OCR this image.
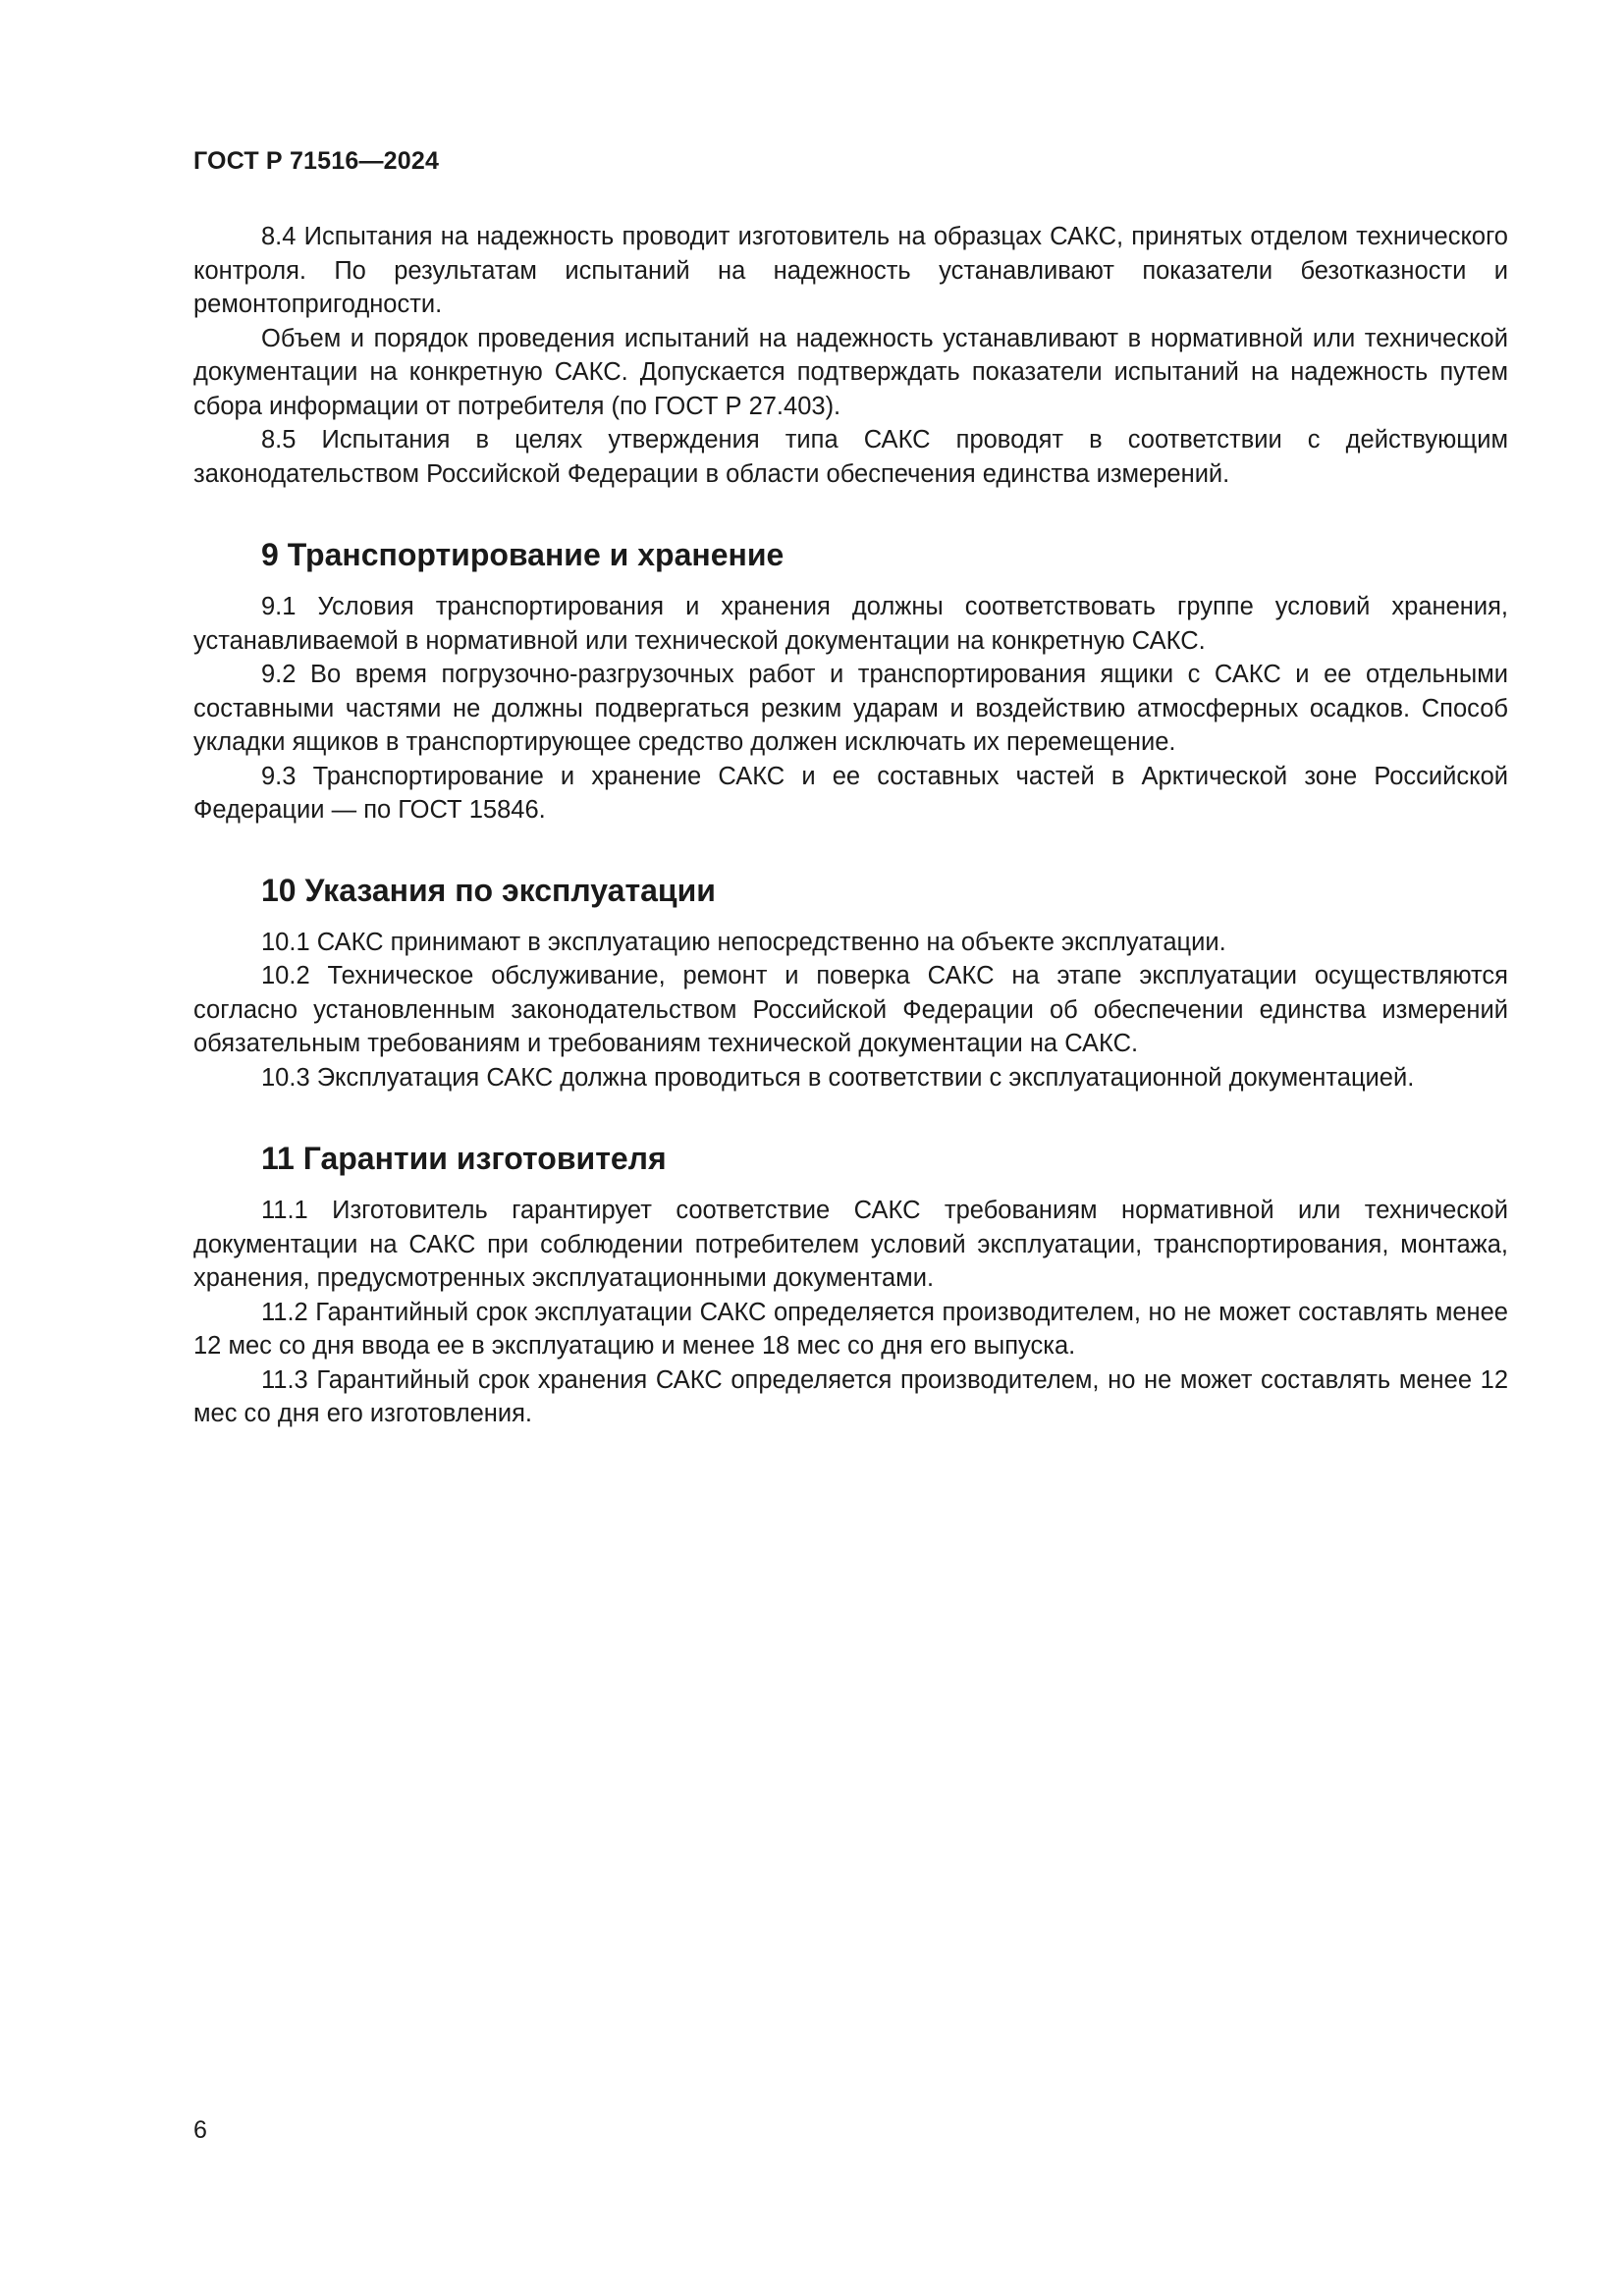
ГОСТ Р 71516—2024

8.4 Испытания на надежность проводит изготовитель на образцах САКС, принятых отделом технического контроля. По результатам испытаний на надежность устанавливают показатели безотказности и ремонтопригодности.

Объем и порядок проведения испытаний на надежность устанавливают в нормативной или технической документации на конкретную САКС. Допускается подтверждать показатели испытаний на надежность путем сбора информации от потребителя (по ГОСТ Р 27.403).

8.5 Испытания в целях утверждения типа САКС проводят в соответствии с действующим законодательством Российской Федерации в области обеспечения единства измерений.

9 Транспортирование и хранение

9.1 Условия транспортирования и хранения должны соответствовать группе условий хранения, устанавливаемой в нормативной или технической документации на конкретную САКС.

9.2 Во время погрузочно-разгрузочных работ и транспортирования ящики с САКС и ее отдельными составными частями не должны подвергаться резким ударам и воздействию атмосферных осадков. Способ укладки ящиков в транспортирующее средство должен исключать их перемещение.

9.3 Транспортирование и хранение САКС и ее составных частей в Арктической зоне Российской Федерации — по ГОСТ 15846.

10 Указания по эксплуатации

10.1 САКС принимают в эксплуатацию непосредственно на объекте эксплуатации.

10.2 Техническое обслуживание, ремонт и поверка САКС на этапе эксплуатации осуществляются согласно установленным законодательством Российской Федерации об обеспечении единства измерений обязательным требованиям и требованиям технической документации на САКС.

10.3 Эксплуатация САКС должна проводиться в соответствии с эксплуатационной документацией.

11 Гарантии изготовителя

11.1 Изготовитель гарантирует соответствие САКС требованиям нормативной или технической документации на САКС при соблюдении потребителем условий эксплуатации, транспортирования, монтажа, хранения, предусмотренных эксплуатационными документами.

11.2 Гарантийный срок эксплуатации САКС определяется производителем, но не может составлять менее 12 мес со дня ввода ее в эксплуатацию и менее 18 мес со дня его выпуска.

11.3 Гарантийный срок хранения САКС определяется производителем, но не может составлять менее 12 мес со дня его изготовления.

6
